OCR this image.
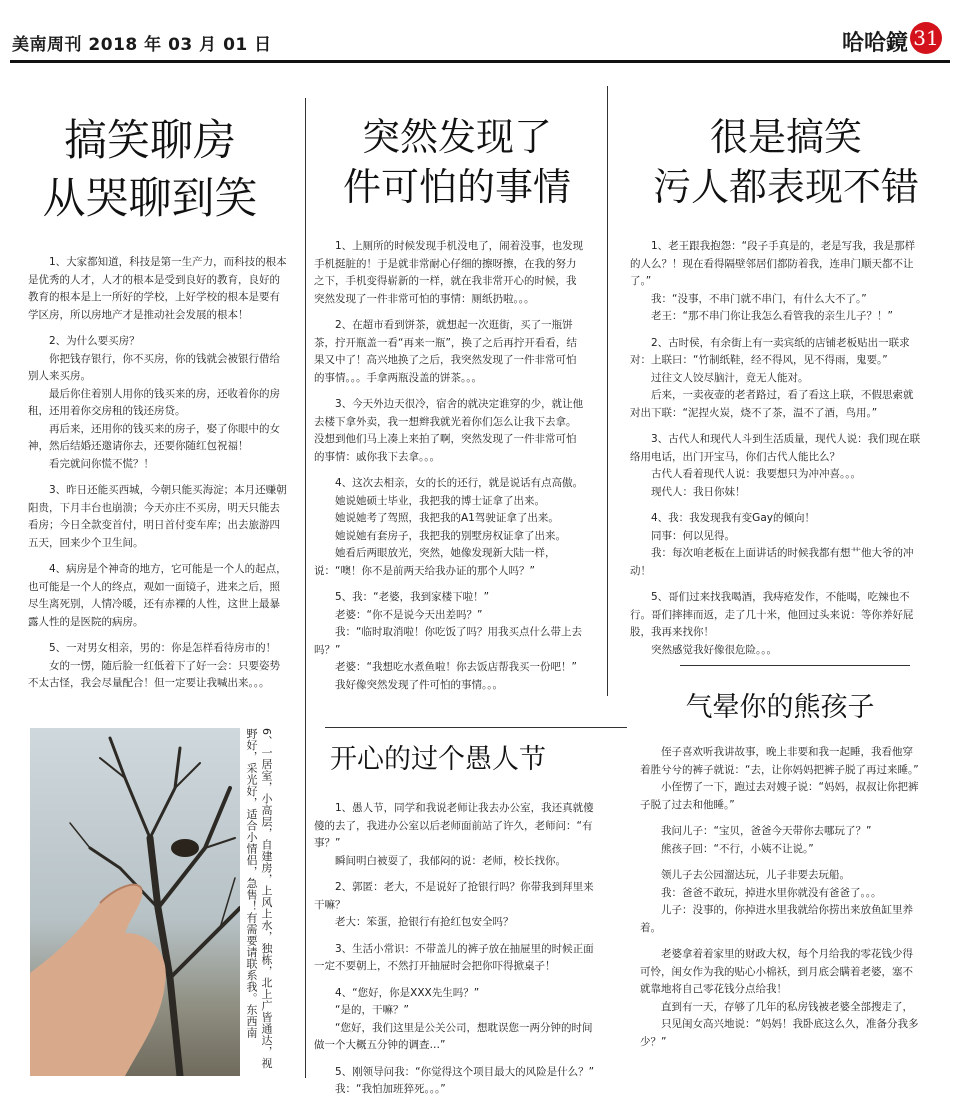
美南周刊 2018 年 03 月 01 日	哈哈鏡 31
搞笑聊房
从哭聊到笑

1、大家都知道，科技是第一生产力，而科技的根本是优秀的人才，人才的根本是受到良好的教育，良好的教育的根本是上一所好的学校，上好学校的根本是要有学区房，所以房地产才是推动社会发展的根本！

2、为什么要买房？

你把钱存银行，你不买房，你的钱就会被银行借给别人来买房。

最后你住着别人用你的钱买来的房，还收着你的房租，还用着你交房租的钱还房贷。

再后来，还用你的钱买来的房子，娶了你眼中的女神，然后结婚还邀请你去，还要你随红包祝福！

看完就问你慌不慌？！

3、昨日还能买西城，今朝只能买海淀；本月还赚朝阳贵，下月丰台也崩溃；今天亦庄不买房，明天只能去看房；今日全款变首付，明日首付变车库；出去旅游四五天，回来少个卫生间。

4、病房是个神奇的地方，它可能是一个人的起点，也可能是一个人的终点，观如一面镜子，进来之后，照尽生离死别，人情冷暖，还有赤裸的人性，这世上最暴露人性的是医院的病房。

5、一对男女相亲，男的：你是怎样看待房市的！

女的一愣，随后脸一红低着下了好一会：只要姿势不太古怪，我会尽量配合！但一定要让我喊出来。。。

6、一居室，小高层，自建房，上风上水，独栋，北上广皆通达，视野好，采光好，适合小情侣，急售！有需要请联系我。东西南
突然发现了
件可怕的事情

1、上厕所的时候发现手机没电了，闹着没事，也发现手机挺脏的！于是就非常耐心仔细的擦呀擦，在我的努力之下，手机变得崭新的一样，就在我非常开心的时候，我突然发现了一件非常可怕的事情：厕纸扔啦。。。

2、在超市看到饼茶，就想起一次逛街，买了一瓶饼茶，拧开瓶盖一看“再来一瓶”，换了之后再拧开看看，结果又中了！高兴地换了之后，我突然发现了一件非常可怕的事情。。。手拿两瓶没盖的饼茶。。。

3、今天外边天很冷，宿舍的就决定谁穿的少，就让他去楼下拿外卖，我一想辫我就光着你们怎么让我下去拿。没想到他们马上凑上来拍了啊，突然发现了一件非常可怕的事情：戚你我下去拿。。。

4、这次去相亲，女的长的还行，就是说话有点高傲。

她说她硕士毕业，我把我的博士证拿了出来。

她说她考了驾照，我把我的A1驾驶证拿了出来。

她说她有套房子，我把我的别墅房权证拿了出来。

她看后两眼放光，突然，她像发现新大陆一样，说：“噢！你不是前两天给我办证的那个人吗？”

5、我：“老婆，我到家楼下啦！”

老婆：“你不是说今天出差吗？”

我：“临时取消啦！你吃饭了吗？用我买点什么带上去吗？”

老婆：“我想吃水煮鱼啦！你去饭店帮我买一份吧！”

我好像突然发现了件可怕的事情。。。

开心的过个愚人节

1、愚人节，同学和我说老师让我去办公室，我还真就傻傻的去了，我进办公室以后老师面前站了许久，老师问：“有事？”

瞬间明白被耍了，我郁闷的说：老师，校长找你。

2、郭匿：老大，不是说好了抢银行吗？你带我到拜里来干嘛？

老大：笨蛋，抢银行有抢红包安全吗？

3、生活小常识：不带盖儿的裤子放在抽屉里的时候正面一定不要朝上，不然打开抽屉时会把你吓得掀桌子！

4、“您好，你是XXX先生吗？”

“是的，干嘛？”

“您好，我们这里是公关公司，想耽误您一两分钟的时间做一个大概五分钟的调查…”

5、刚领导问我：“你觉得这个项目最大的风险是什么？”

我：“我怕加班猝死。。。”

很是搞笑
污人都表现不错

1、老王跟我抱怨：“段子手真是的，老是写我，我是那样的人么？！现在看得隔壁邻居们都防着我，连串门顺天都不让了。”

我：“没事，不串门就不串门，有什么大不了。”

老王：“那不串门你让我怎么看管我的亲生儿子？！”

2、古时侯，有余街上有一卖宾纸的店铺老板贴出一联求对：上联曰：“竹制纸鞋，经不得风，见不得雨，鬼要。”

过往文人饺尽脑汁，竟无人能对。

后来，一卖夜壶的老者路过，看了看这上联，不假思索就对出下联：“泥捏火炭，烧不了茶，温不了酒，鸟用。”

3、古代人和现代人斗到生活质量，现代人说：我们现在联络用电话，出门开宝马，你们古代人能比么？

古代人看着现代人说：我要想只为冲冲喜。。。

现代人：我日你妹！

4、我：我发现我有变Gay的倾向！

同事：何以见得。

我：每次咱老板在上面讲话的时候我都有想艹他大爷的冲动！

5、哥们过来找我喝酒，我痔疮发作，不能喝，吃辣也不行。哥们摔摔而返，走了几十米，他回过头来说：等你养好屁股，我再来找你！

突然感觉我好像很危险。。。

气晕你的熊孩子

侄子喜欢听我讲故事，晚上非要和我一起睡，我看他穿着胜兮兮的裤子就说：“去，让你妈妈把裤子脱了再过来睡。”

小侄愣了一下，跑过去对嫂子说：“妈妈，叔叔让你把裤子脱了过去和他睡。”

我问儿子：“宝贝，爸爸今天带你去哪玩了？”

熊孩子回：“不行，小姨不让说。”

领儿子去公园溜达玩，儿子非要去玩船。

我：爸爸不敢玩，掉进水里你就没有爸爸了。。。

儿子：没事的，你掉进水里我就给你捞出来放鱼缸里养着。

老婆拿着着家里的财政大权，每个月给我的零花钱少得可怜，闺女作为我的贴心小棉袄，到月底会瞒着老婆，塞不就靠地将自己零花钱分点给我！

直到有一天，存够了几年的私房钱被老婆全部搜走了，

只见闺女高兴地说：“妈妈！我卧底这么久，准备分我多少？”
